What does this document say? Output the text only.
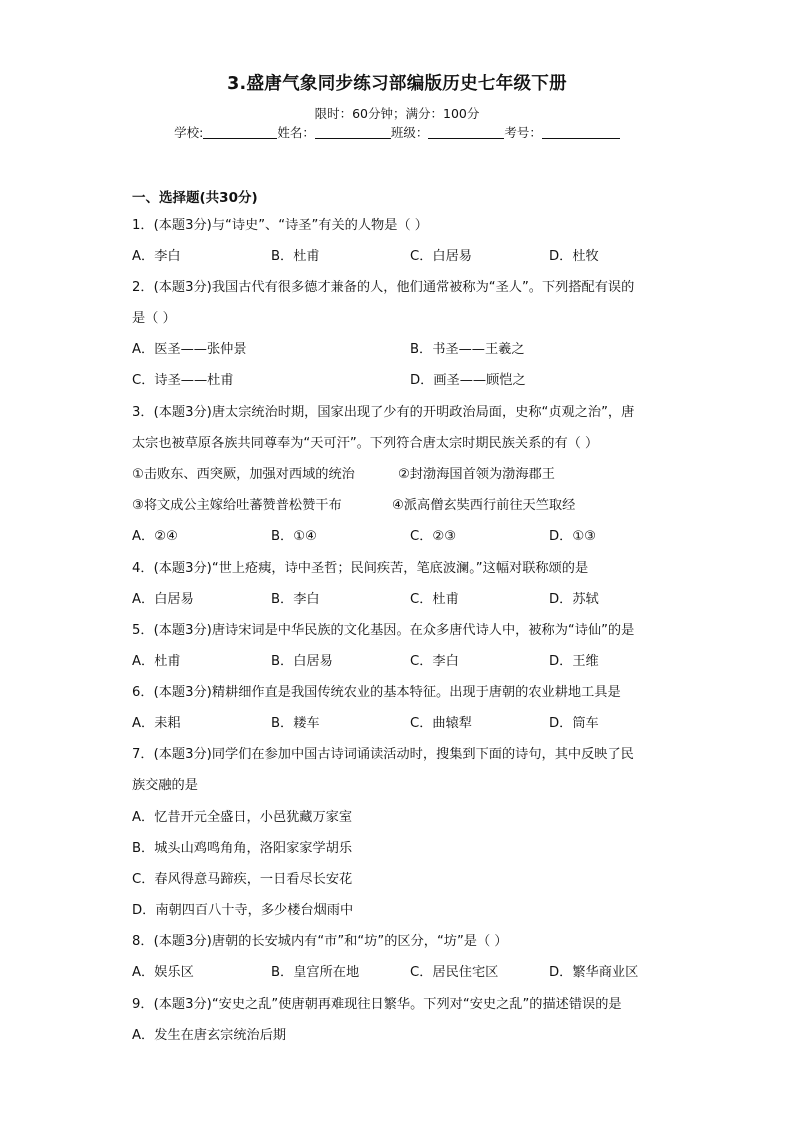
3.盛唐气象同步练习部编版历史七年级下册
限时：60分钟；满分：100分
学校:	姓名：	班级：	考号：
一、选择题(共30分)
1．(本题3分)与“诗史”、“诗圣”有关的人物是（ ）
A．李白	B．杜甫	C．白居易	D．杜牧
2．(本题3分)我国古代有很多德才兼备的人，他们通常被称为“圣人”。下列搭配有误的
是（ ）
A．医圣——张仲景	B．书圣——王羲之
C．诗圣——杜甫	D．画圣——顾恺之
3．(本题3分)唐太宗统治时期，国家出现了少有的开明政治局面，史称“贞观之治”，唐
太宗也被草原各族共同尊奉为“天可汗”。下列符合唐太宗时期民族关系的有（ ）
①击败东、西突厥，加强对西域的统治	②封渤海国首领为渤海郡王
③将文成公主嫁给吐蕃赞普松赞干布	④派高僧玄奘西行前往天竺取经
A．②④	B．①④	C．②③	D．①③
4．(本题3分)“世上疮痍，诗中圣哲；民间疾苦，笔底波澜。”这幅对联称颂的是
A．白居易	B．李白	C．杜甫	D．苏轼
5．(本题3分)唐诗宋词是中华民族的文化基因。在众多唐代诗人中，被称为“诗仙”的是
A．杜甫	B．白居易	C．李白	D．王维
6．(本题3分)精耕细作直是我国传统农业的基本特征。出现于唐朝的农业耕地工具是
A．耒耜	B．耧车	C．曲辕犁	D．筒车
7．(本题3分)同学们在参加中国古诗词诵读活动时，搜集到下面的诗句，其中反映了民
族交融的是
A．忆昔开元全盛日，小邑犹藏万家室
B．城头山鸡鸣角角，洛阳家家学胡乐
C．春风得意马蹄疾，一日看尽长安花
D．南朝四百八十寺，多少楼台烟雨中
8．(本题3分)唐朝的长安城内有“市”和“坊”的区分，“坊”是（ ）
A．娱乐区	B．皇宫所在地	C．居民住宅区	D．繁华商业区
9．(本题3分)“安史之乱”使唐朝再难现往日繁华。下列对“安史之乱”的描述错误的是
A．发生在唐玄宗统治后期
